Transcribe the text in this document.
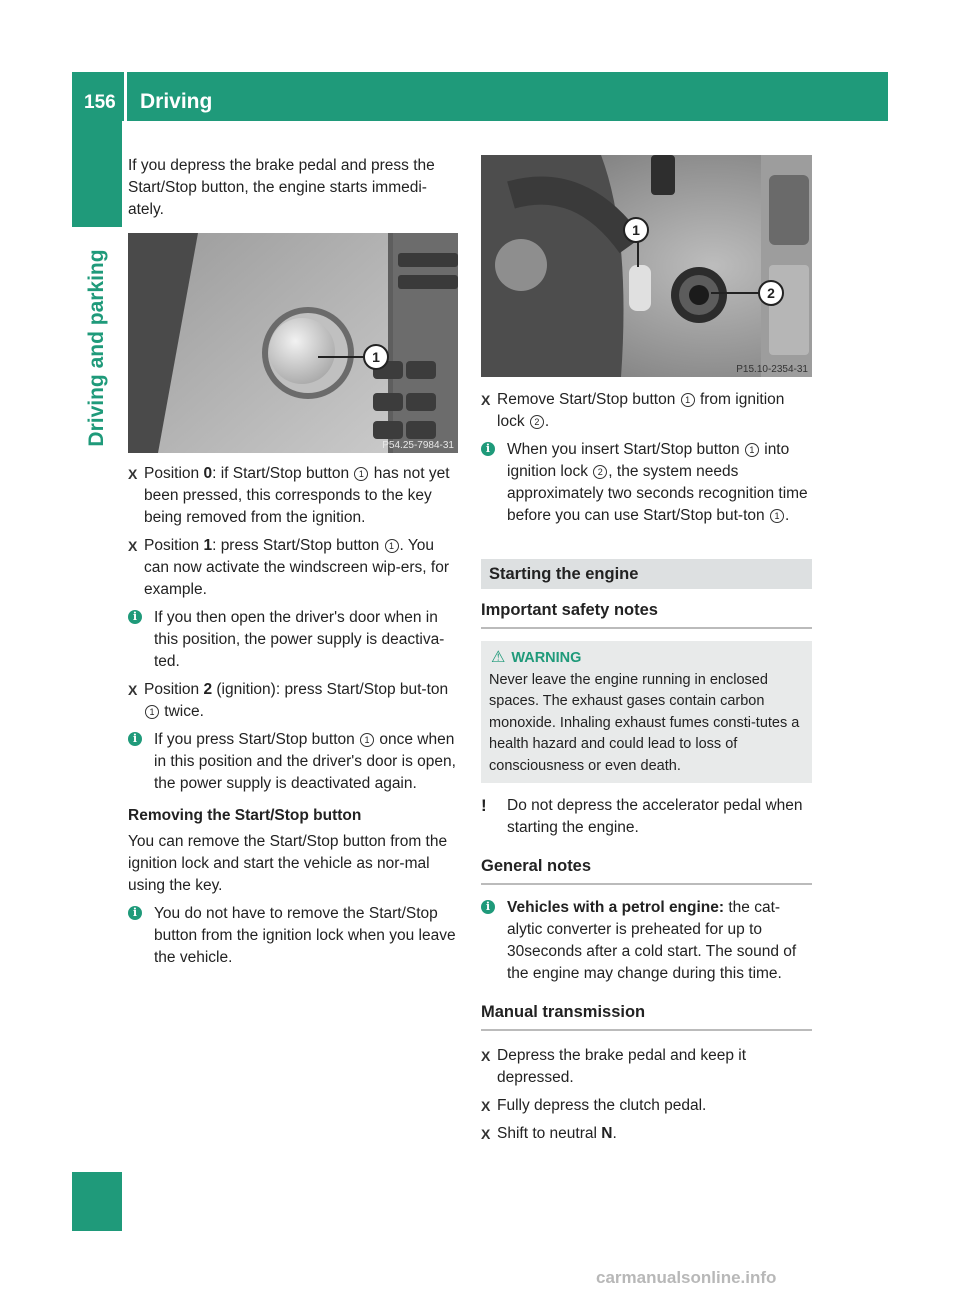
156 Driving
Driving and parking

If you depress the brake pedal and press the Start/Stop button, the engine starts immedi-ately.

1
P54.25-7984-31
X Position 0: if Start/Stop button 1 has not yet been pressed, this corresponds to the key being removed from the ignition.
X Position 1: press Start/Stop button 1 . You can now activate the windscreen wip-ers, for example.
i	If you then open the driver's door when in this position, the power supply is deactiva-ted.
X Position 2 (ignition): press Start/Stop but-ton 1 twice.
i	If you press Start/Stop button 1 once when in this position and the driver's door is open, the power supply is deactivated again.
Removing the Start/Stop button

You can remove the Start/Stop button from the ignition lock and start the vehicle as nor-mal using the key.

i	You do not have to remove the Start/Stop button from the ignition lock when you leave the vehicle.
1
2
P15.10-2354-31
X Remove Start/Stop button 1 from ignition lock 2 .
i	When you insert Start/Stop button 1 into ignition lock 2 , the system needs approximately two seconds recognition time before you can use Start/Stop but-ton 1 .
Starting the engine
Important safety notes
⚠ WARNING
Never leave the engine running in enclosed spaces. The exhaust gases contain carbon monoxide. Inhaling exhaust fumes consti-tutes a health hazard and could lead to loss of consciousness or even death.
! Do not depress the accelerator pedal when starting the engine.
General notes
i	Vehicles with a petrol engine: the cat-alytic converter is preheated for up to 30seconds after a cold start. The sound of the engine may change during this time.
Manual transmission
X Depress the brake pedal and keep it depressed.
X Fully depress the clutch pedal.
X Shift to neutral N.
carmanualsonline.info
